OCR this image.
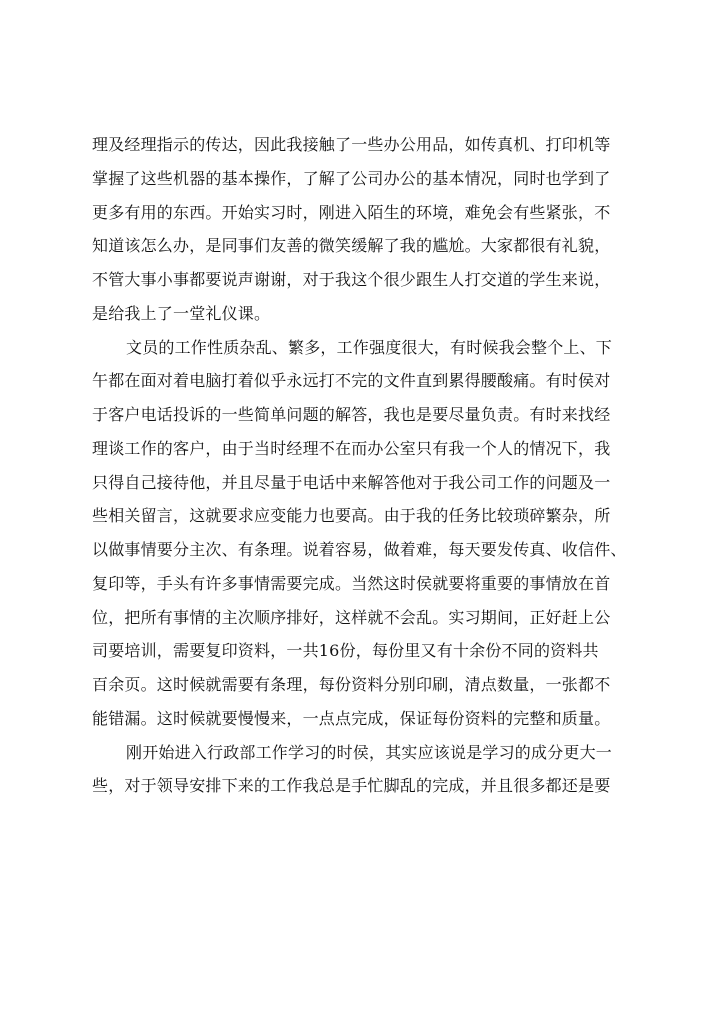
理及经理指示的传达，因此我接触了一些办公用品，如传真机、打印机等
掌握了这些机器的基本操作，了解了公司办公的基本情况，同时也学到了
更多有用的东西。开始实习时，刚进入陌生的环境，难免会有些紧张，不
知道该怎么办，是同事们友善的微笑缓解了我的尴尬。大家都很有礼貌，
不管大事小事都要说声谢谢，对于我这个很少跟生人打交道的学生来说，
是给我上了一堂礼仪课。
文员的工作性质杂乱、繁多，工作强度很大，有时候我会整个上、下
午都在面对着电脑打着似乎永远打不完的文件直到累得腰酸痛。有时侯对
于客户电话投诉的一些简单问题的解答，我也是要尽量负责。有时来找经
理谈工作的客户，由于当时经理不在而办公室只有我一个人的情况下，我
只得自己接待他，并且尽量于电话中来解答他对于我公司工作的问题及一
些相关留言，这就要求应变能力也要高。由于我的任务比较琐碎繁杂，所
以做事情要分主次、有条理。说着容易，做着难，每天要发传真、收信件、
复印等，手头有许多事情需要完成。当然这时侯就要将重要的事情放在首
位，把所有事情的主次顺序排好，这样就不会乱。实习期间，正好赶上公
司要培训，需要复印资料，一共16份，每份里又有十余份不同的资料共
百余页。这时候就需要有条理，每份资料分别印刷，清点数量，一张都不
能错漏。这时候就要慢慢来，一点点完成，保证每份资料的完整和质量。
刚开始进入行政部工作学习的时侯，其实应该说是学习的成分更大一
些，对于领导安排下来的工作我总是手忙脚乱的完成，并且很多都还是要
